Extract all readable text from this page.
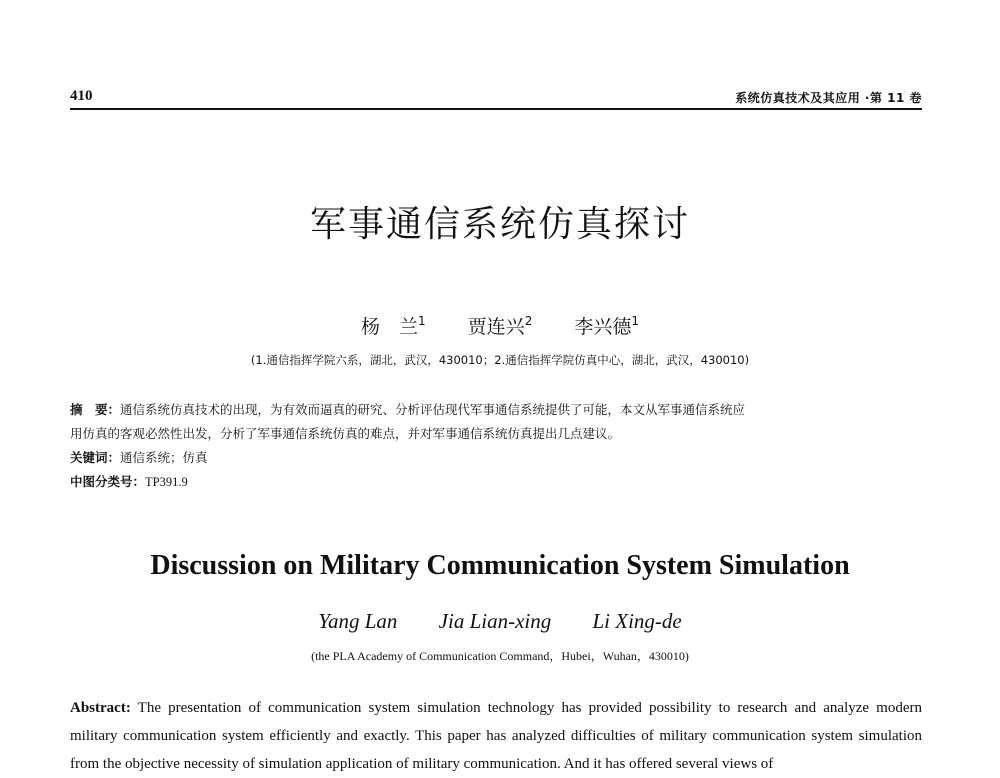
410	系统仿真技术及其应用 ·第 11 卷
军事通信系统仿真探讨
杨　兰$^1$ 贾连兴$^2$ 李兴德$^1$
(1.通信指挥学院六系，湖北，武汉，430010；2.通信指挥学院仿真中心，湖北，武汉，430010)
摘　要：通信系统仿真技术的出现，为有效而逼真的研究、分析评估现代军事通信系统提供了可能，本文从军事通信系统应
用仿真的客观必然性出发，分析了军事通信系统仿真的难点，并对军事通信系统仿真提出几点建议。
关键词：通信系统；仿真
中图分类号：TP391.9
Discussion on Military Communication System Simulation
Yang Lan Jia Lian-xing Li Xing-de
(the PLA Academy of Communication Command，Hubei，Wuhan，430010)
Abstract: The presentation of communication system simulation technology has provided possibility to research and analyze modern military communication system efficiently and exactly. This paper has analyzed difficulties of military communication system simulation from the objective necessity of simulation application of military communication. And it has offered several views of
